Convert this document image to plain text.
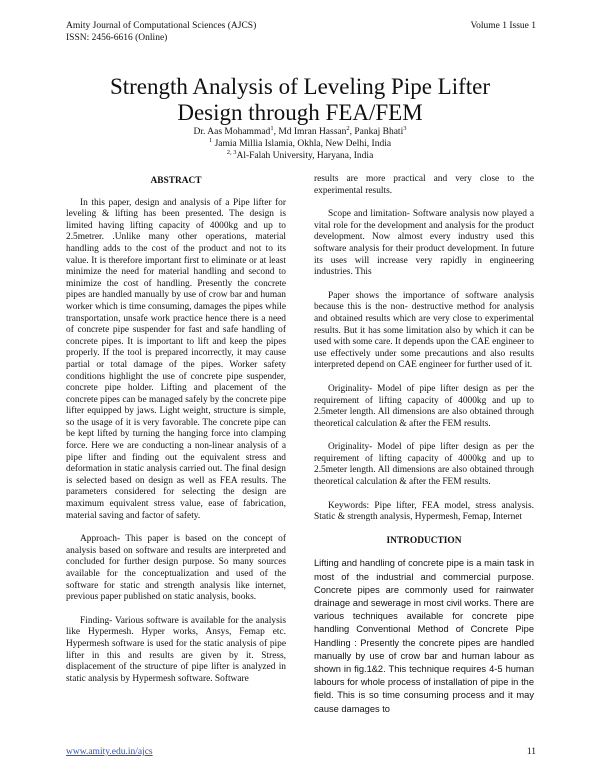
Amity Journal of Computational Sciences (AJCS)
ISSN: 2456-6616 (Online)
Volume 1 Issue 1
Strength Analysis of Leveling Pipe Lifter
Design through FEA/FEM
Dr. Aas Mohammad$^1$, Md Imran Hassan$^2$, Pankaj Bhati$^3$
$^1$ Jamia Millia Islamia, Okhla, New Delhi, India
$^{2, 3}$Al-Falah University, Haryana, India
ABSTRACT

In this paper, design and analysis of a Pipe lifter for leveling & lifting has been presented. The design is limited having lifting capacity of 4000kg and up to 2.5metrer. .Unlike many other operations, material handling adds to the cost of the product and not to its value. It is therefore important first to eliminate or at least minimize the need for material handling and second to minimize the cost of handling. Presently the concrete pipes are handled manually by use of crow bar and human worker which is time consuming, damages the pipes while transportation, unsafe work practice hence there is a need of concrete pipe suspender for fast and safe handling of concrete pipes. It is important to lift and keep the pipes properly. If the tool is prepared incorrectly, it may cause partial or total damage of the pipes. Worker safety conditions highlight the use of concrete pipe suspender, concrete pipe holder. Lifting and placement of the concrete pipes can be managed safely by the concrete pipe lifter equipped by jaws. Light weight, structure is simple, so the usage of it is very favorable. The concrete pipe can be kept lifted by turning the hanging force into clamping force. Here we are conducting a non-linear analysis of a pipe lifter and finding out the equivalent stress and deformation in static analysis carried out. The final design is selected based on design as well as FEA results. The parameters considered for selecting the design are maximum equivalent stress value, ease of fabrication, material saving and factor of safety.

Approach- This paper is based on the concept of analysis based on software and results are interpreted and concluded for further design purpose. So many sources available for the conceptualization and used of the software for static and strength analysis like internet, previous paper published on static analysis, books.

Finding- Various software is available for the analysis like Hypermesh. Hyper works, Ansys, Femap etc. Hypermesh software is used for the static analysis of pipe lifter in this and results are given by it. Stress, displacement of the structure of pipe lifter is analyzed in static analysis by Hypermesh software. Software

results are more practical and very close to the experimental results.

Scope and limitation- Software analysis now played a vital role for the development and analysis for the product development. Now almost every industry used this software analysis for their product development. In future its uses will increase very rapidly in engineering industries. This

Paper shows the importance of software analysis because this is the non- destructive method for analysis and obtained results which are very close to experimental results. But it has some limitation also by which it can be used with some care. It depends upon the CAE engineer to use effectively under some precautions and also results interpreted depend on CAE engineer for further used of it.

Originality- Model of pipe lifter design as per the requirement of lifting capacity of 4000kg and up to 2.5meter length. All dimensions are also obtained through theoretical calculation & after the FEM results.

Originality- Model of pipe lifter design as per the requirement of lifting capacity of 4000kg and up to 2.5meter length. All dimensions are also obtained through theoretical calculation & after the FEM results.

Keywords: Pipe lifter, FEA model, stress analysis. Static & strength analysis, Hypermesh, Femap, Internet

INTRODUCTION

Lifting and handling of concrete pipe is a main task in most of the industrial and commercial purpose. Concrete pipes are commonly used for rainwater drainage and sewerage in most civil works. There are various techniques available for concrete pipe handling Conventional Method of Concrete Pipe Handling : Presently the concrete pipes are handled manually by use of crow bar and human labour as shown in fig.1&2. This technique requires 4-5 human labours for whole process of installation of pipe in the field. This is so time consuming process and it may cause damages to

www.amity.edu.in/ajcs	11
